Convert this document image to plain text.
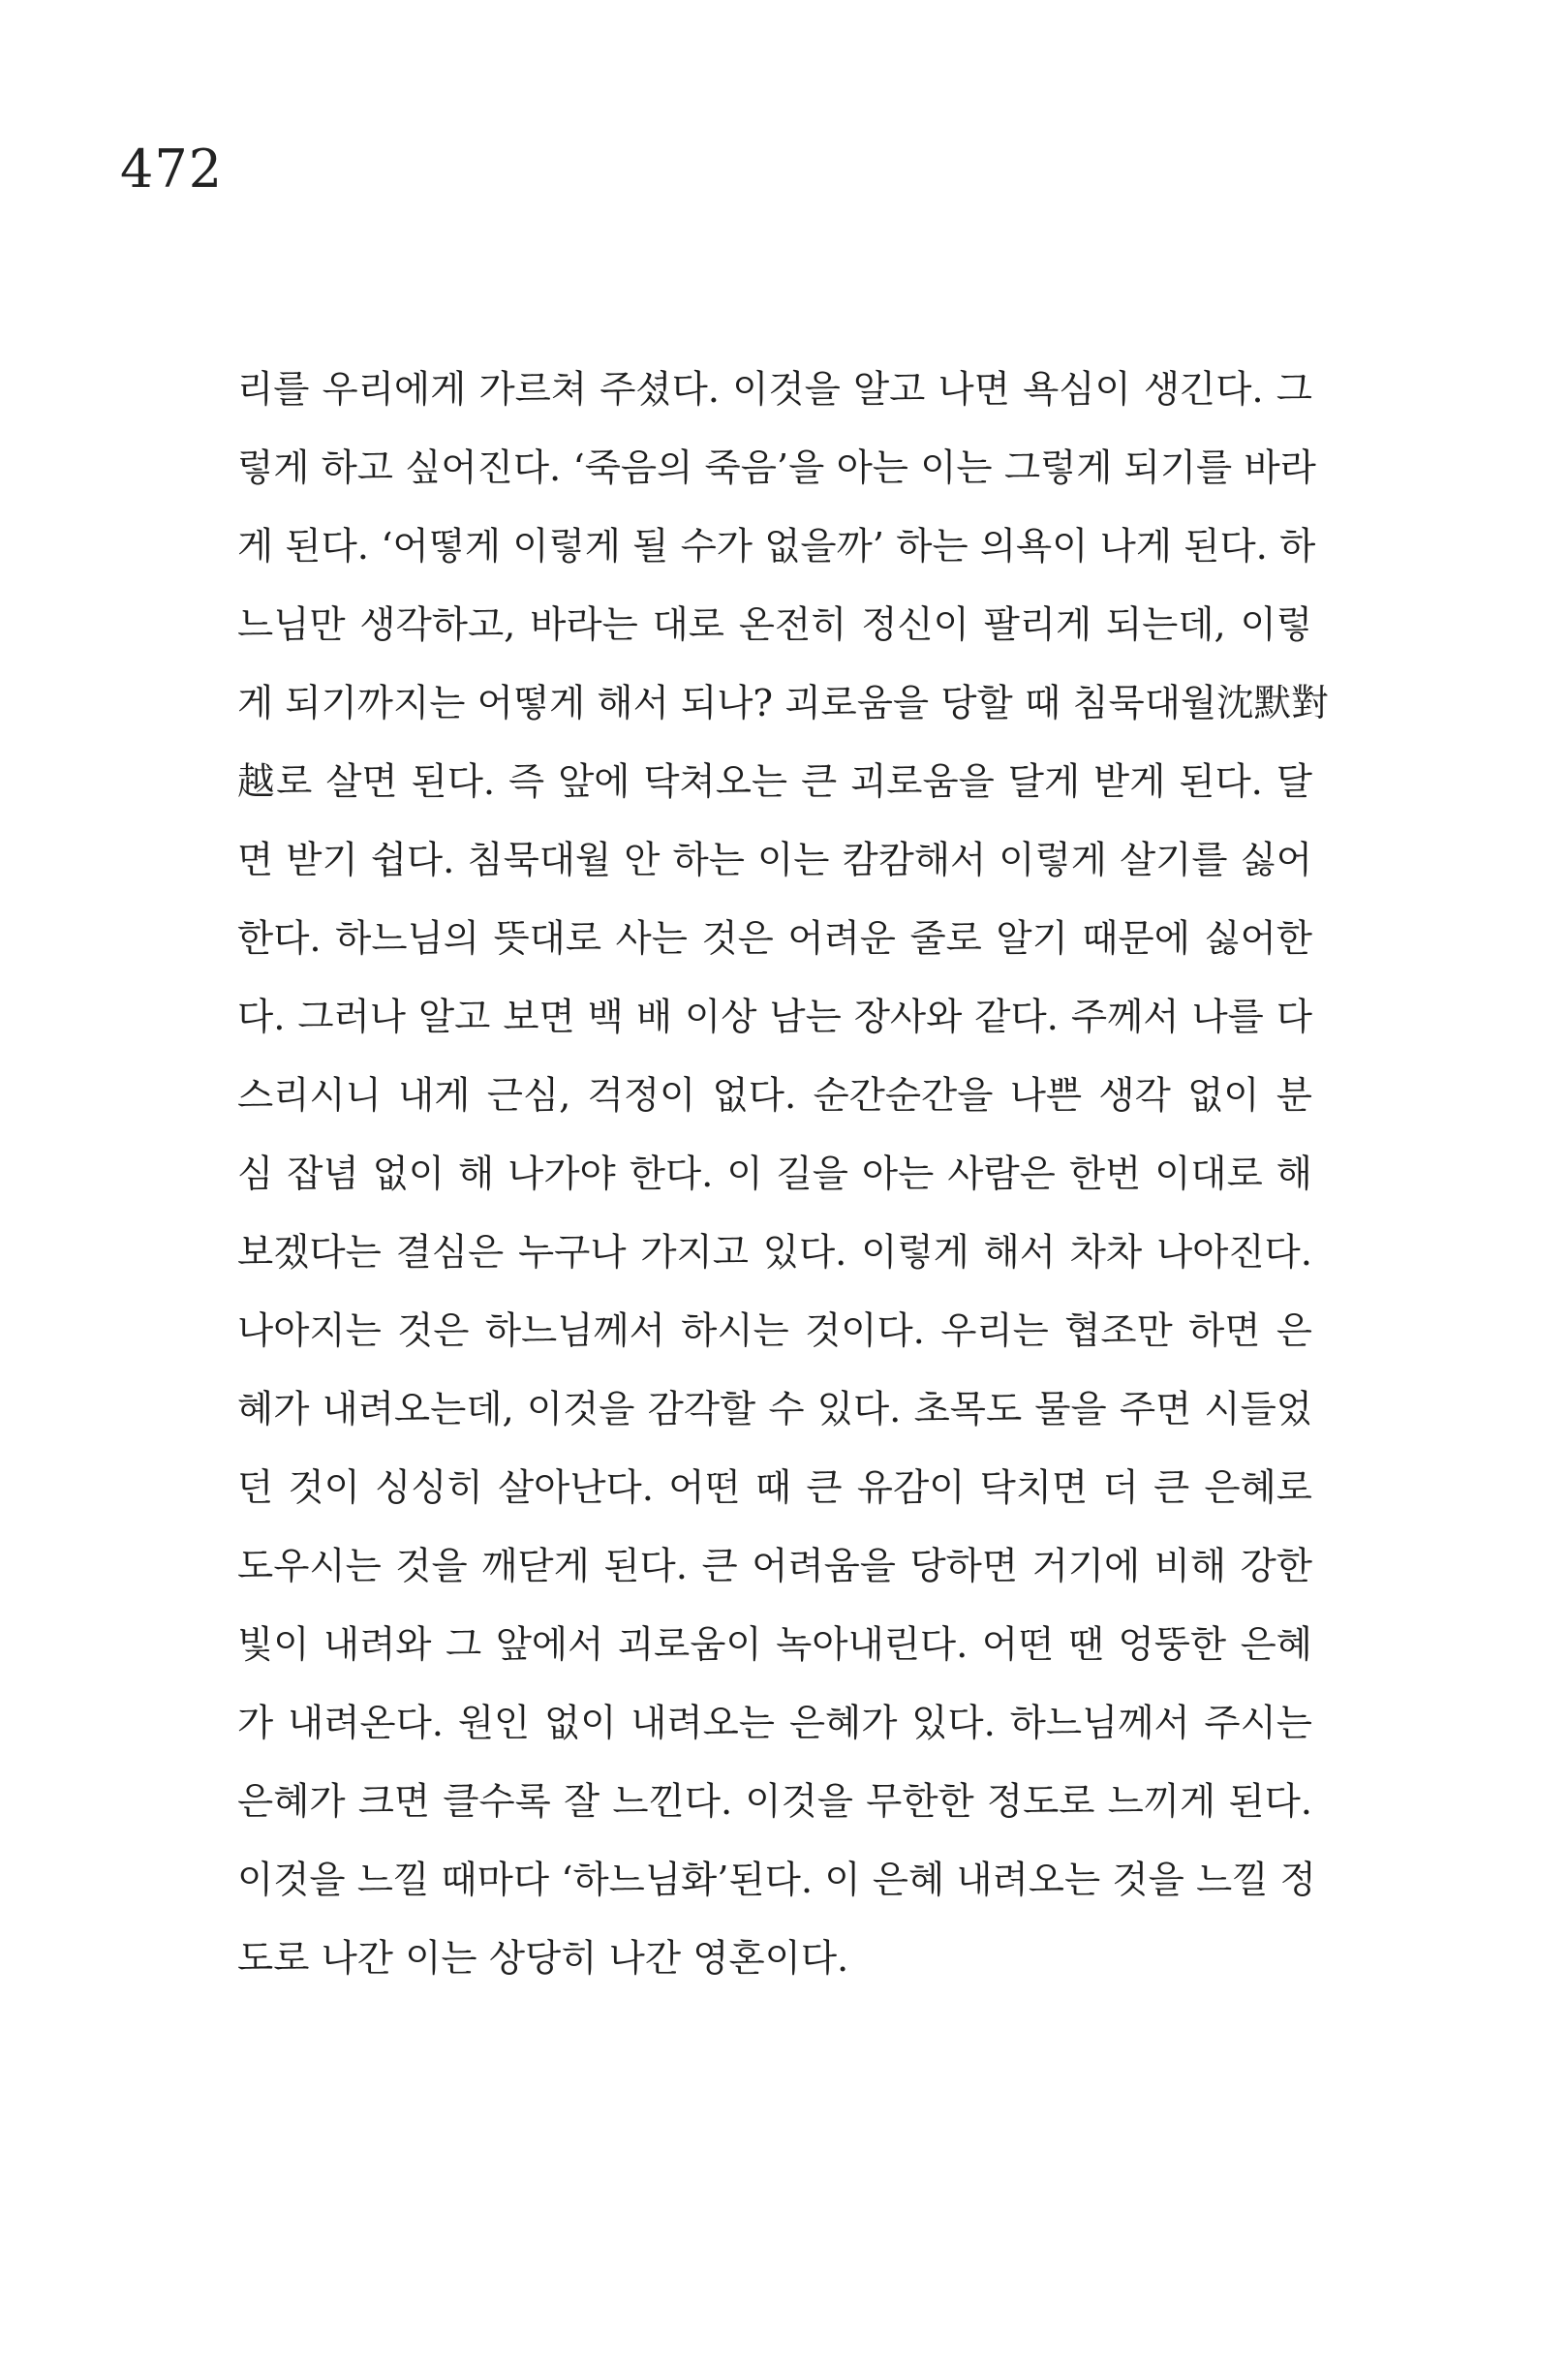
472
리를 우리에게 가르쳐 주셨다. 이것을 알고 나면 욕심이 생긴다. 그
렇게 하고 싶어진다. ‘죽음의 죽음’을 아는 이는 그렇게 되기를 바라
게 된다. ‘어떻게 이렇게 될 수가 없을까’ 하는 의욕이 나게 된다. 하
느님만 생각하고, 바라는 대로 온전히 정신이 팔리게 되는데, 이렇
게 되기까지는 어떻게 해서 되나? 괴로움을 당할 때 침묵대월沈默對
越로 살면 된다. 즉 앞에 닥쳐오는 큰 괴로움을 달게 받게 된다. 달
면 받기 쉽다. 침묵대월 안 하는 이는 캄캄해서 이렇게 살기를 싫어
한다. 하느님의 뜻대로 사는 것은 어려운 줄로 알기 때문에 싫어한
다. 그러나 알고 보면 백 배 이상 남는 장사와 같다. 주께서 나를 다
스리시니 내게 근심, 걱정이 없다. 순간순간을 나쁜 생각 없이 분
심 잡념 없이 해 나가야 한다. 이 길을 아는 사람은 한번 이대로 해
보겠다는 결심은 누구나 가지고 있다. 이렇게 해서 차차 나아진다.
나아지는 것은 하느님께서 하시는 것이다. 우리는 협조만 하면 은
혜가 내려오는데, 이것을 감각할 수 있다. 초목도 물을 주면 시들었
던 것이 싱싱히 살아난다. 어떤 때 큰 유감이 닥치면 더 큰 은혜로
도우시는 것을 깨닫게 된다. 큰 어려움을 당하면 거기에 비해 강한
빛이 내려와 그 앞에서 괴로움이 녹아내린다. 어떤 땐 엉뚱한 은혜
가 내려온다. 원인 없이 내려오는 은혜가 있다. 하느님께서 주시는
은혜가 크면 클수록 잘 느낀다. 이것을 무한한 정도로 느끼게 된다.
이것을 느낄 때마다 ‘하느님화’된다. 이 은혜 내려오는 것을 느낄 정
도로 나간 이는 상당히 나간 영혼이다.
